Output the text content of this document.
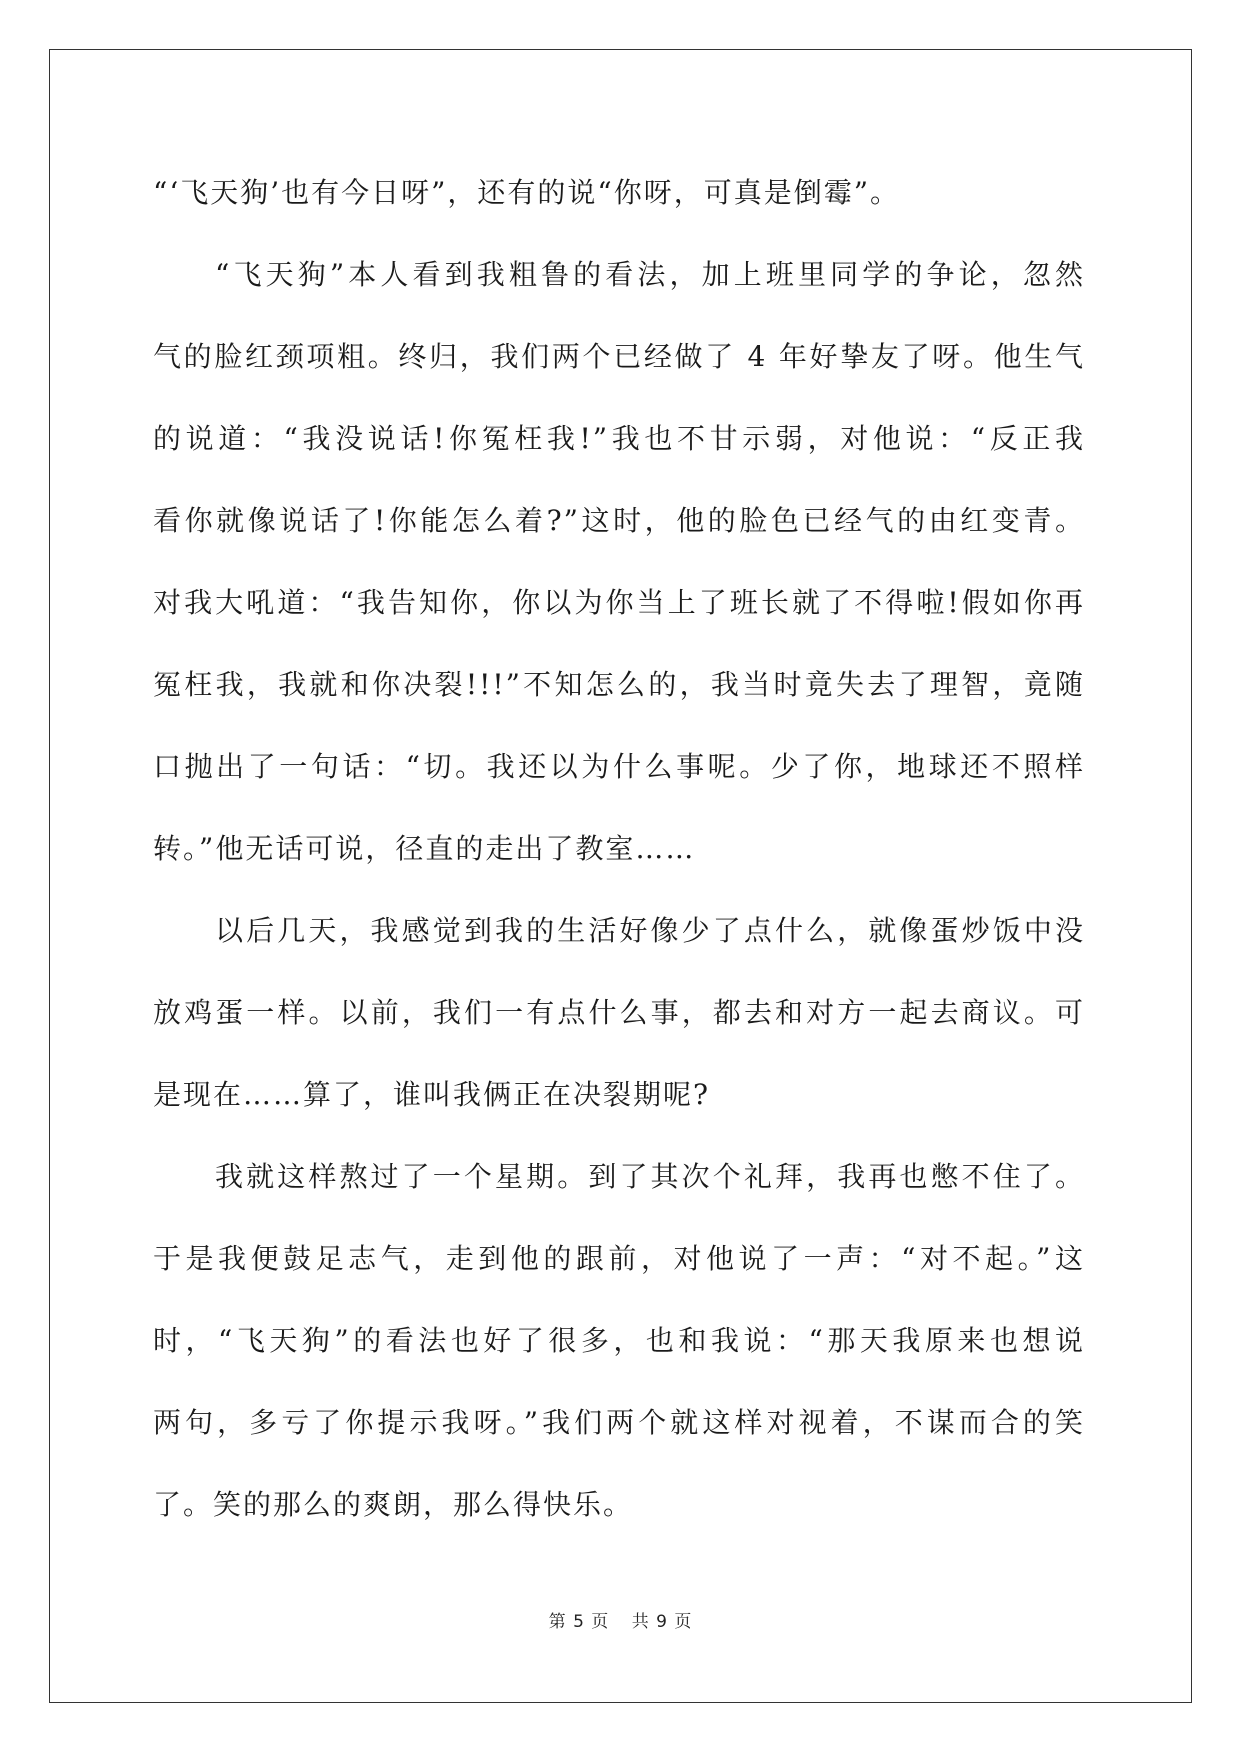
“‘飞天狗’也有今日呀”，还有的说“你呀，可真是倒霉”。
“飞天狗”本人看到我粗鲁的看法，加上班里同学的争论，忽然
气的脸红颈项粗。终归，我们两个已经做了 4 年好挚友了呀。他生气
的说道：“我没说话!你冤枉我!”我也不甘示弱，对他说：“反正我
看你就像说话了!你能怎么着?”这时，他的脸色已经气的由红变青。
对我大吼道：“我告知你，你以为你当上了班长就了不得啦!假如你再
冤枉我，我就和你决裂!!!”不知怎么的，我当时竟失去了理智，竟随
口抛出了一句话：“切。我还以为什么事呢。少了你，地球还不照样
转。”他无话可说，径直的走出了教室……
以后几天，我感觉到我的生活好像少了点什么，就像蛋炒饭中没
放鸡蛋一样。以前，我们一有点什么事，都去和对方一起去商议。可
是现在……算了，谁叫我俩正在决裂期呢?
我就这样熬过了一个星期。到了其次个礼拜，我再也憋不住了。
于是我便鼓足志气，走到他的跟前，对他说了一声：“对不起。”这
时，“飞天狗”的看法也好了很多，也和我说：“那天我原来也想说
两句，多亏了你提示我呀。”我们两个就这样对视着，不谋而合的笑
了。笑的那么的爽朗，那么得快乐。
第 5 页 共 9 页
